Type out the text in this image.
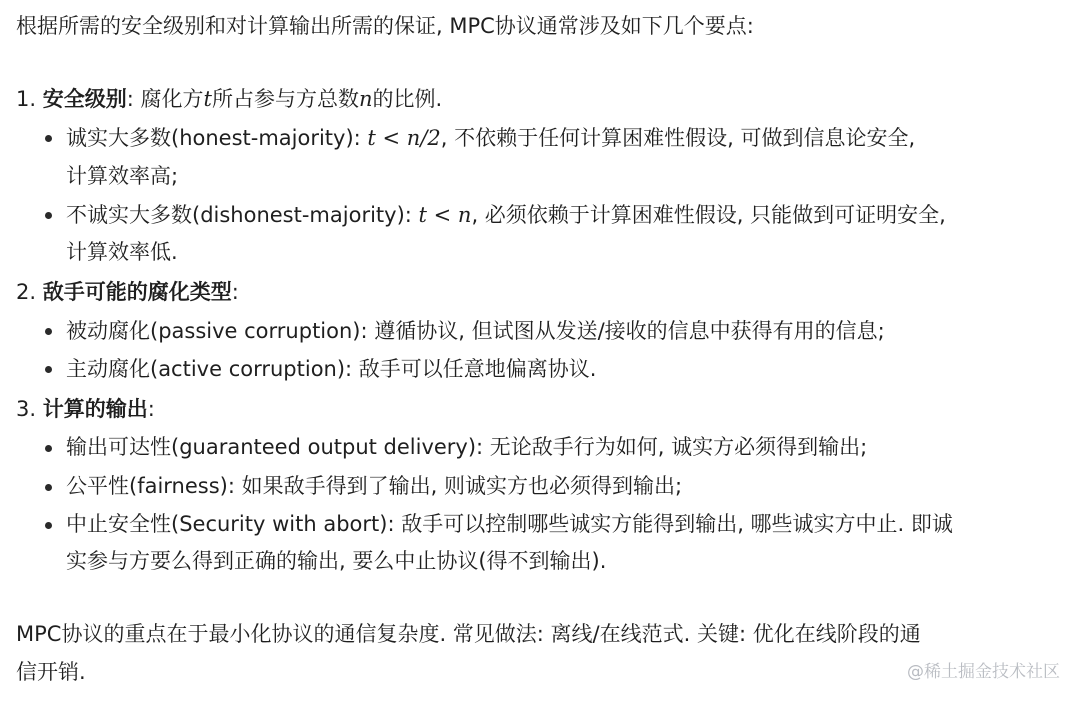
根据所需的安全级别和对计算输出所需的保证, MPC协议通常涉及如下几个要点:
1. 安全级别: 腐化方t所占参与方总数n的比例.
诚实大多数(honest-majority): t < n/2, 不依赖于任何计算困难性假设, 可做到信息论安全,
计算效率高;
不诚实大多数(dishonest-majority): t < n, 必须依赖于计算困难性假设, 只能做到可证明安全,
计算效率低.
2. 敌手可能的腐化类型:
被动腐化(passive corruption): 遵循协议, 但试图从发送/接收的信息中获得有用的信息;
主动腐化(active corruption): 敌手可以任意地偏离协议.
3. 计算的输出:
输出可达性(guaranteed output delivery): 无论敌手行为如何, 诚实方必须得到输出;
公平性(fairness): 如果敌手得到了输出, 则诚实方也必须得到输出;
中止安全性(Security with abort): 敌手可以控制哪些诚实方能得到输出, 哪些诚实方中止. 即诚
实参与方要么得到正确的输出, 要么中止协议(得不到输出).
MPC协议的重点在于最小化协议的通信复杂度. 常见做法: 离线/在线范式. 关键: 优化在线阶段的通
信开销.	@稀土掘金技术社区
